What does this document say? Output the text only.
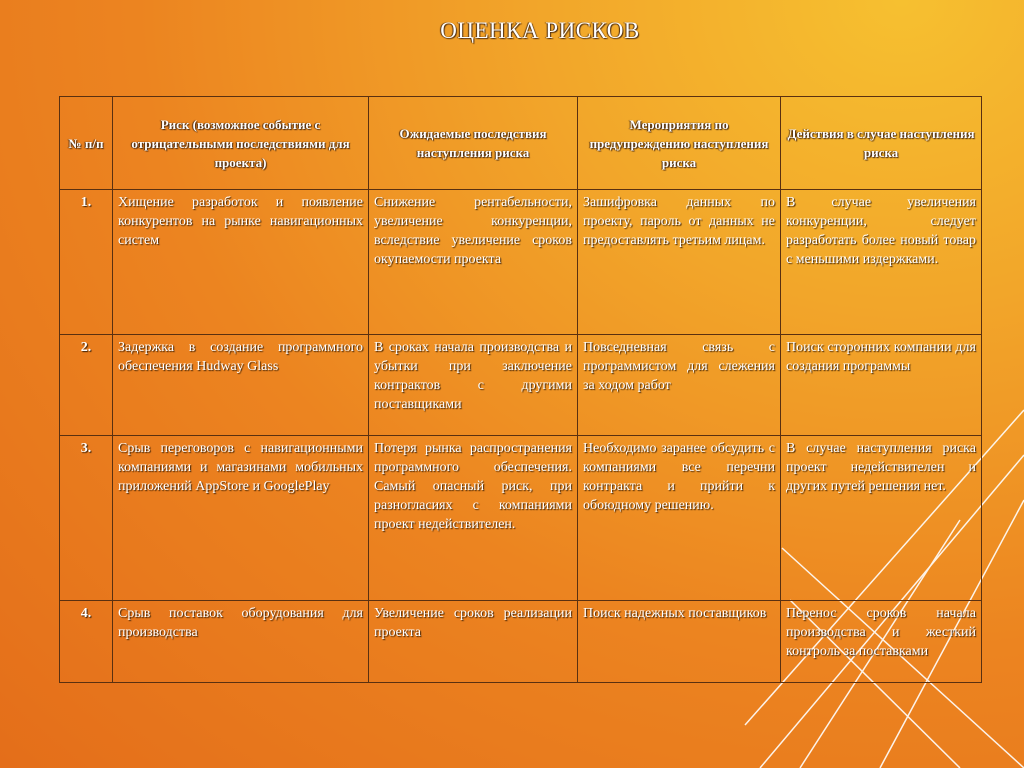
ОЦЕНКА РИСКОВ
№ п/п	Риск (возможное событие с отрицательными последствиями для проекта)	Ожидаемые последствия наступления риска	Мероприятия по предупреждению наступления риска	Действия в случае наступления риска
1.	Хищение разработок и появление конкурентов на рынке навигационных систем	Снижение рентабельности, увеличение конкуренции, вследствие увеличение сроков окупаемости проекта	Зашифровка данных по проекту, пароль от данных не предоставлять третьим лицам.	В случае увеличения конкуренции, следует разработать более новый товар с меньшими издержками.
2.	Задержка в создание программного обеспечения Hudway Glass	В сроках начала производства и убытки при заключение контрактов с другими поставщиками	Повседневная связь с программистом для слежения за ходом работ	Поиск сторонних компании для создания программы
3.	Срыв переговоров с навигационными компаниями и магазинами мобильных приложений AppStore и GooglePlay	Потеря рынка распространения программного обеспечения. Самый опасный риск, при разногласиях с компаниями проект недействителен.	Необходимо заранее обсудить с компаниями все перечни контракта и прийти к обоюдному решению.	В случае наступления риска проект недействителен и других путей решения нет.
4.	Срыв поставок оборудования для производства	Увеличение сроков реализации проекта	Поиск надежных поставщиков	Перенос сроков начала производства и жесткий контроль за поставками
